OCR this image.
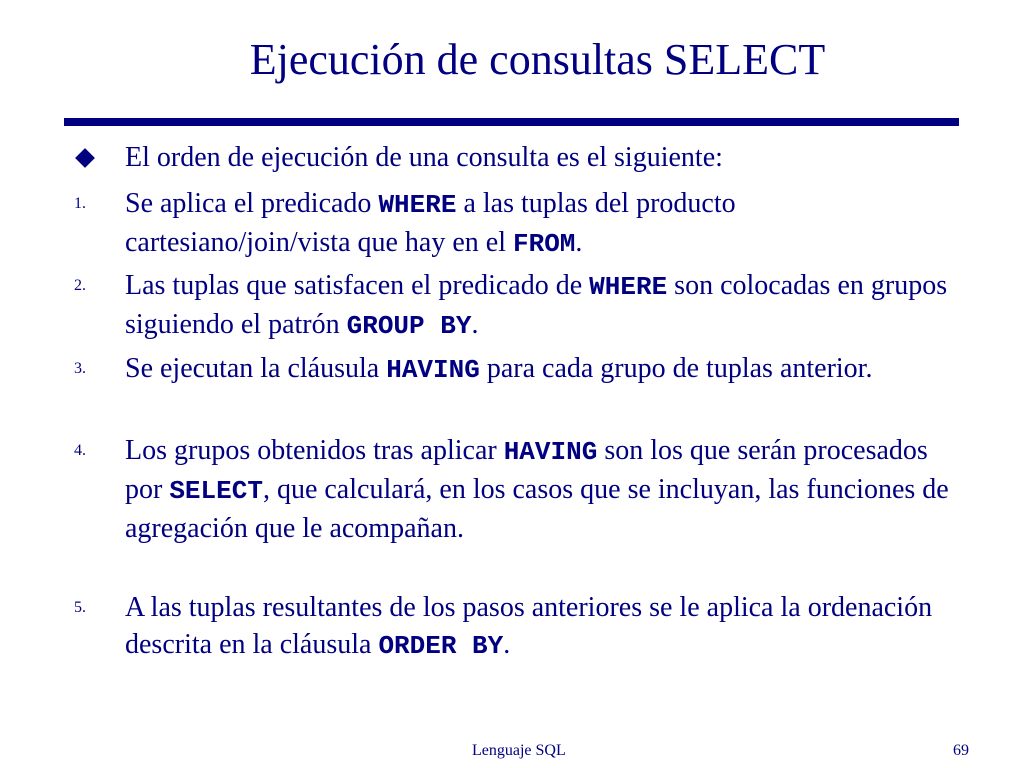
Ejecución de consultas SELECT
El orden de ejecución de una consulta es el siguiente:
1. Se aplica el predicado WHERE a las tuplas del producto cartesiano/join/vista que hay en el FROM.
2. Las tuplas que satisfacen el predicado de WHERE son colocadas en grupos siguiendo el patrón GROUP BY.
3. Se ejecutan la cláusula HAVING para cada grupo de tuplas anterior.
4. Los grupos obtenidos tras aplicar HAVING son los que serán procesados por SELECT, que calculará, en los casos que se incluyan, las funciones de agregación que le acompañan.
5. A las tuplas resultantes de los pasos anteriores se le aplica la ordenación descrita en la cláusula ORDER BY.
Lenguaje SQL	69
